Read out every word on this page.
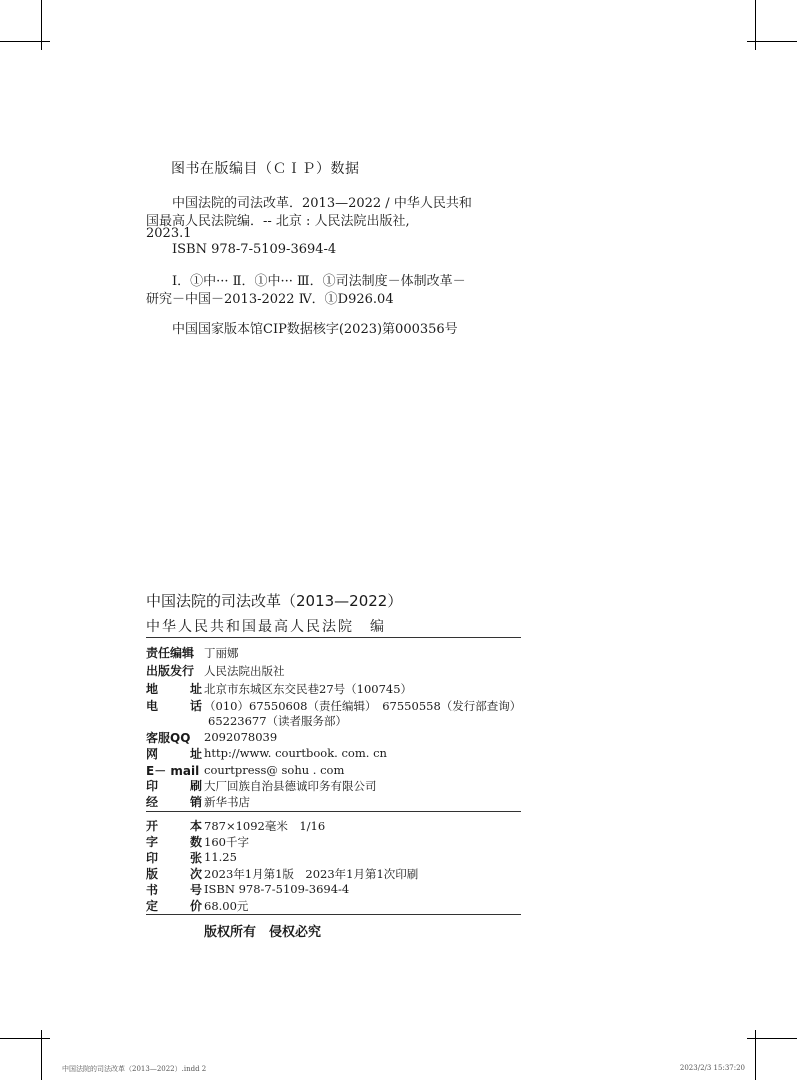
图书在版编目（ＣＩＰ）数据
中国法院的司法改革．2013—2022 / 中华人民共和
国最高人民法院编．-- 北京 : 人民法院出版社,
2023.1
ISBN 978-7-5109-3694-4
Ⅰ．①中··· Ⅱ．①中··· Ⅲ．①司法制度－体制改革－
研究－中国－2013-2022 Ⅳ．①D926.04
中国国家版本馆CIP数据核字(2023)第000356号
中国法院的司法改革（2013—2022）
中华人民共和国最高人民法院　编
责任编辑 丁丽娜
出版发行 人民法院出版社
地	址 北京市东城区东交民巷27号（100745）
电	话 （010）67550608（责任编辑）　67550558（发行部查询）
65223677（读者服务部）
客服QQ	2092078039
网	址 http://www. courtbook. com. cn
E－ mail courtpress@ sohu . com
印	刷 大厂回族自治县德诚印务有限公司
经	销 新华书店
开	本 787×1092毫米　1/16
字	数 160千字
印	张 11.25
版	次 2023年1月第1版　2023年1月第1次印刷
书	号 ISBN 978-7-5109-3694-4
定	价 68.00元
版权所有　侵权必究
中国法院的司法改革（2013—2022）.indd 2	2023/2/3 15:37:20
